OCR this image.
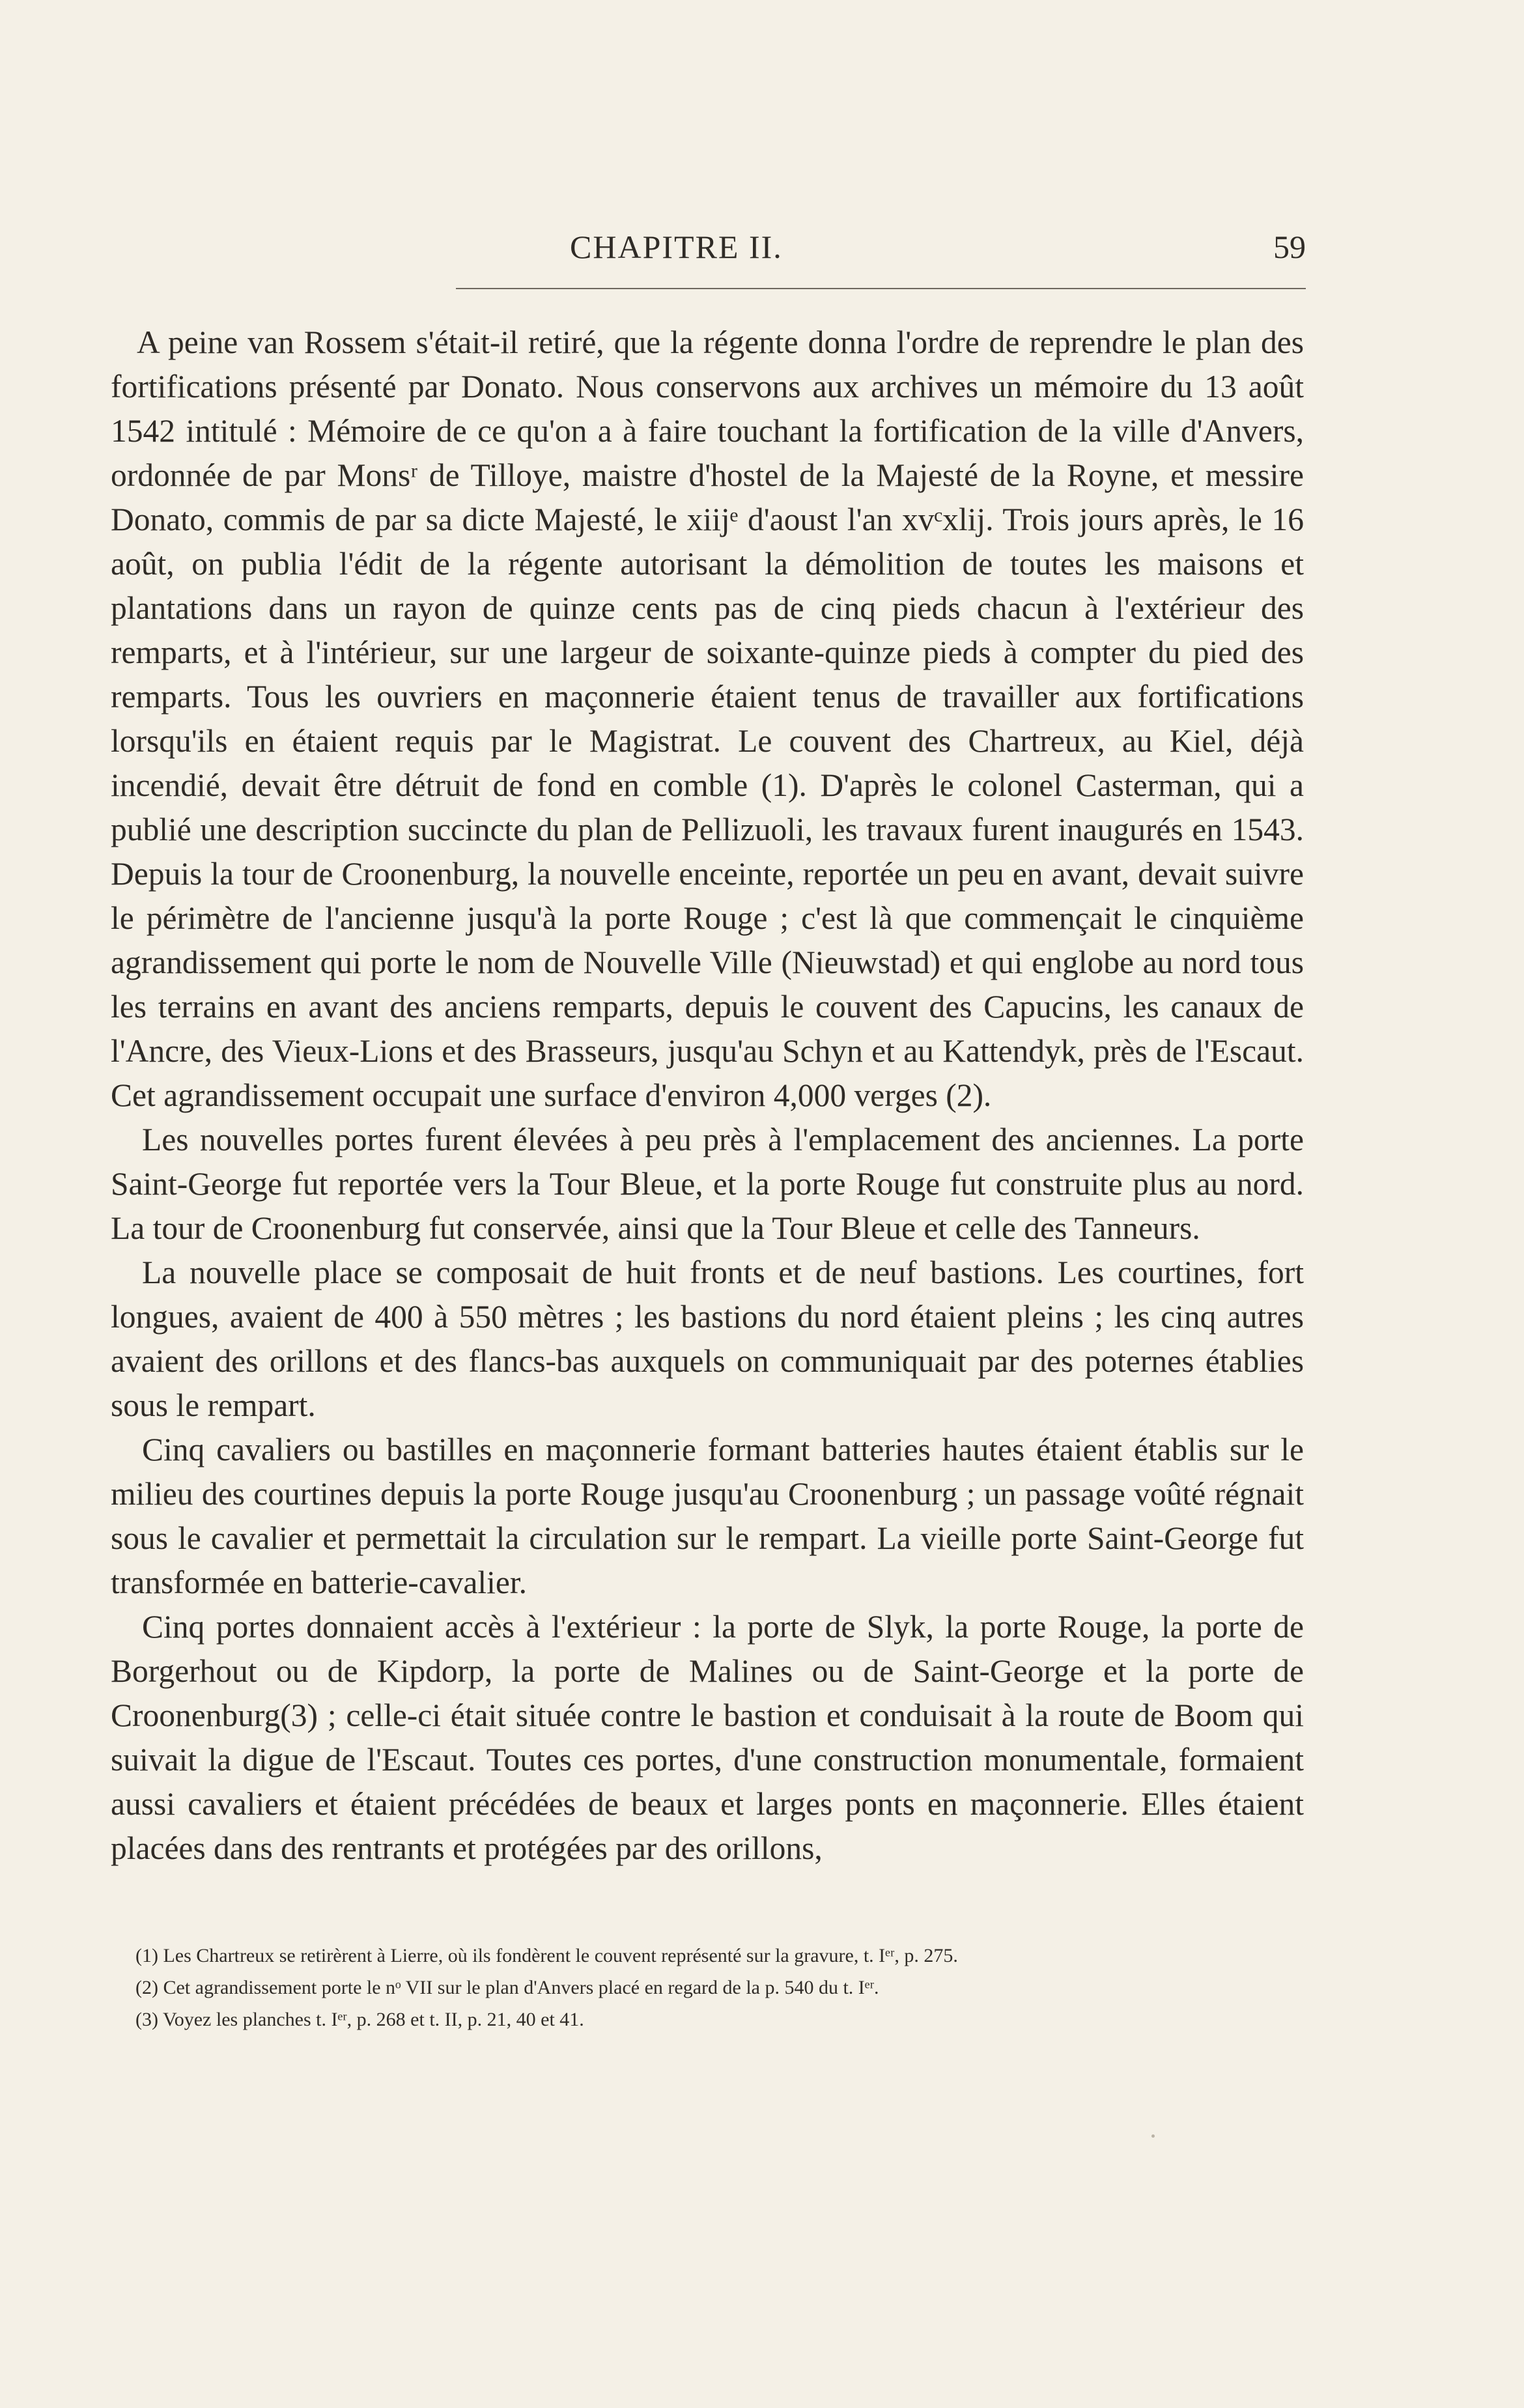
CHAPITRE II.	59

A peine van Rossem s'était-il retiré, que la régente donna l'ordre de reprendre le plan des fortifications présenté par Donato. Nous conservons aux archives un mémoire du 13 août 1542 intitulé : Mémoire de ce qu'on a à faire touchant la fortification de la ville d'Anvers, ordonnée de par Monsʳ de Tilloye, maistre d'hostel de la Majesté de la Royne, et messire Donato, commis de par sa dicte Majesté, le xiijᵉ d'aoust l'an xvᶜxlij. Trois jours après, le 16 août, on publia l'édit de la régente autorisant la démolition de toutes les maisons et plantations dans un rayon de quinze cents pas de cinq pieds chacun à l'extérieur des remparts, et à l'intérieur, sur une largeur de soixante-quinze pieds à compter du pied des remparts. Tous les ouvriers en maçonnerie étaient tenus de travailler aux fortifications lorsqu'ils en étaient requis par le Magistrat. Le couvent des Chartreux, au Kiel, déjà incendié, devait être détruit de fond en comble (1). D'après le colonel Casterman, qui a publié une description succincte du plan de Pellizuoli, les travaux furent inaugurés en 1543. Depuis la tour de Croonenburg, la nouvelle enceinte, reportée un peu en avant, devait suivre le périmètre de l'ancienne jusqu'à la porte Rouge ; c'est là que commençait le cinquième agrandissement qui porte le nom de Nouvelle Ville (Nieuwstad) et qui englobe au nord tous les terrains en avant des anciens remparts, depuis le couvent des Capucins, les canaux de l'Ancre, des Vieux-Lions et des Brasseurs, jusqu'au Schyn et au Kattendyk, près de l'Escaut. Cet agrandissement occupait une surface d'environ 4,000 verges (2).

Les nouvelles portes furent élevées à peu près à l'emplacement des anciennes. La porte Saint-George fut reportée vers la Tour Bleue, et la porte Rouge fut construite plus au nord. La tour de Croonenburg fut conservée, ainsi que la Tour Bleue et celle des Tanneurs.

La nouvelle place se composait de huit fronts et de neuf bastions. Les courtines, fort longues, avaient de 400 à 550 mètres ; les bastions du nord étaient pleins ; les cinq autres avaient des orillons et des flancs-bas auxquels on communiquait par des poternes établies sous le rempart.

Cinq cavaliers ou bastilles en maçonnerie formant batteries hautes étaient établis sur le milieu des courtines depuis la porte Rouge jusqu'au Croonenburg ; un passage voûté régnait sous le cavalier et permettait la circulation sur le rempart. La vieille porte Saint-George fut transformée en batterie-cavalier.

Cinq portes donnaient accès à l'extérieur : la porte de Slyk, la porte Rouge, la porte de Borgerhout ou de Kipdorp, la porte de Malines ou de Saint-George et la porte de Croonenburg(3) ; celle-ci était située contre le bastion et conduisait à la route de Boom qui suivait la digue de l'Escaut. Toutes ces portes, d'une construction monumentale, formaient aussi cavaliers et étaient précédées de beaux et larges ponts en maçonnerie. Elles étaient placées dans des rentrants et protégées par des orillons,

(1) Les Chartreux se retirèrent à Lierre, où ils fondèrent le couvent représenté sur la gravure, t. Iᵉʳ, p. 275.
(2) Cet agrandissement porte le nᵒ VII sur le plan d'Anvers placé en regard de la p. 540 du t. Iᵉʳ.
(3) Voyez les planches t. Iᵉʳ, p. 268 et t. II, p. 21, 40 et 41.
